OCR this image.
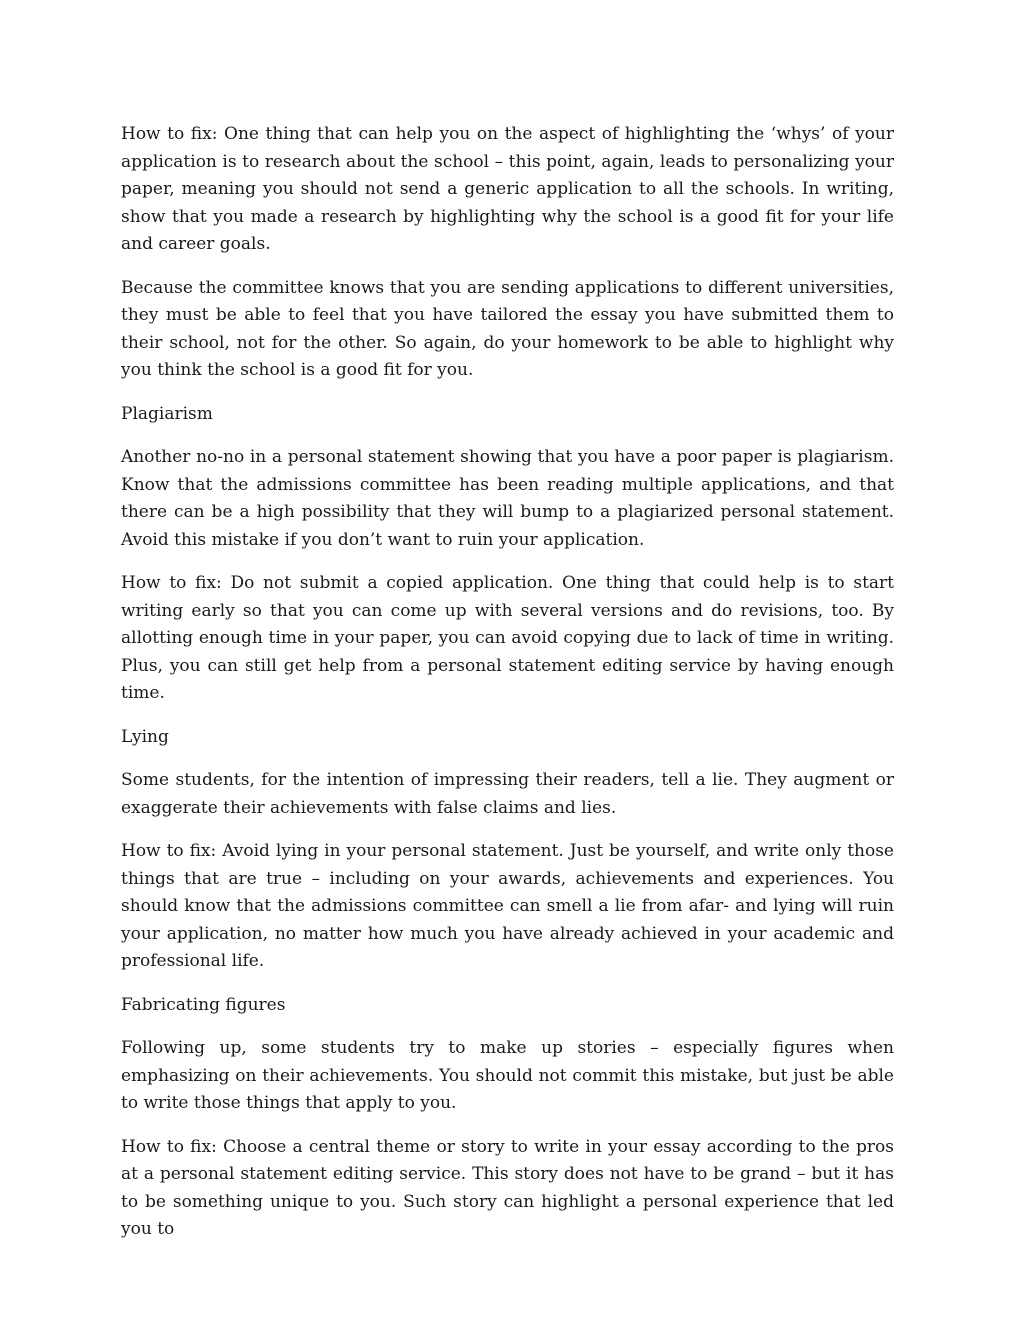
How to fix: One thing that can help you on the aspect of highlighting the ‘whys’ of your application is to research about the school – this point, again, leads to personalizing your paper, meaning you should not send a generic application to all the schools. In writing, show that you made a research by highlighting why the school is a good fit for your life and career goals.

Because the committee knows that you are sending applications to different universities, they must be able to feel that you have tailored the essay you have submitted them to their school, not for the other. So again, do your homework to be able to highlight why you think the school is a good fit for you.

Plagiarism

Another no-no in a personal statement showing that you have a poor paper is plagiarism. Know that the admissions committee has been reading multiple applications, and that there can be a high possibility that they will bump to a plagiarized personal statement. Avoid this mistake if you don’t want to ruin your application.

How to fix: Do not submit a copied application. One thing that could help is to start writing early so that you can come up with several versions and do revisions, too. By allotting enough time in your paper, you can avoid copying due to lack of time in writing. Plus, you can still get help from a personal statement editing service by having enough time.

Lying

Some students, for the intention of impressing their readers, tell a lie. They augment or exaggerate their achievements with false claims and lies.

How to fix: Avoid lying in your personal statement. Just be yourself, and write only those things that are true – including on your awards, achievements and experiences. You should know that the admissions committee can smell a lie from afar- and lying will ruin your application, no matter how much you have already achieved in your academic and professional life.

Fabricating figures

Following up, some students try to make up stories – especially figures when emphasizing on their achievements. You should not commit this mistake, but just be able to write those things that apply to you.

How to fix: Choose a central theme or story to write in your essay according to the pros at a personal statement editing service. This story does not have to be grand – but it has to be something unique to you. Such story can highlight a personal experience that led you to
